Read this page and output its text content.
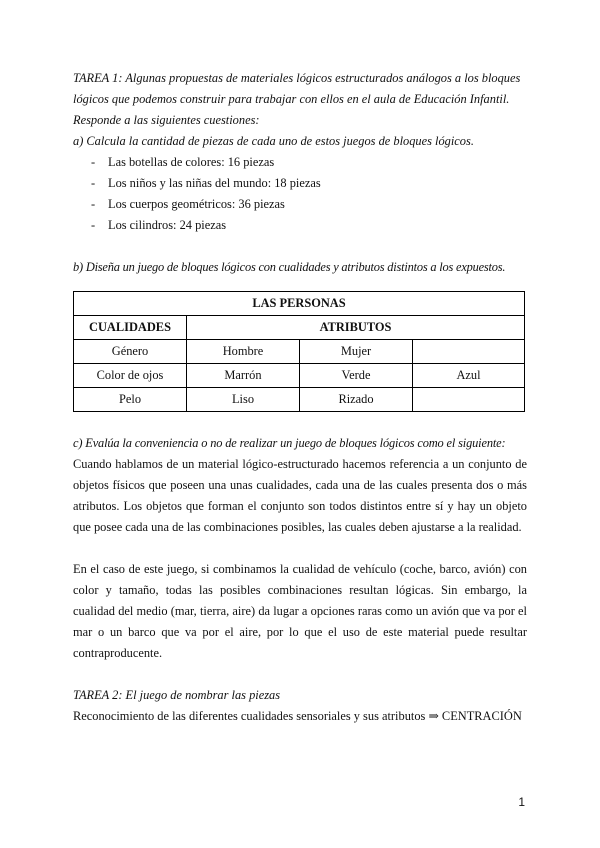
TAREA 1: Algunas propuestas de materiales lógicos estructurados análogos a los bloques

lógicos que podemos construir para trabajar con ellos en el aula de Educación Infantil.

Responde a las siguientes cuestiones:

a) Calcula la cantidad de piezas de cada uno de estos juegos de bloques lógicos.

- Las botellas de colores: 16 piezas
- Los niños y las niñas del mundo: 18 piezas
- Los cuerpos geométricos: 36 piezas
- Los cilindros: 24 piezas

b) Diseña un juego de bloques lógicos con cualidades y atributos distintos a los expuestos.

LAS PERSONAS			
CUALIDADES	ATRIBUTOS		
Género	Hombre	Mujer	
Color de ojos	Marrón	Verde	Azul
Pelo	Liso	Rizado	

c) Evalúa la conveniencia o no de realizar un juego de bloques lógicos como el siguiente:

Cuando hablamos de un material lógico-estructurado hacemos referencia a un conjunto de objetos físicos que poseen una unas cualidades, cada una de las cuales presenta dos o más atributos. Los objetos que forman el conjunto son todos distintos entre sí y hay un objeto que posee cada una de las combinaciones posibles, las cuales deben ajustarse a la realidad.

En el caso de este juego, si combinamos la cualidad de vehículo (coche, barco, avión) con color y tamaño, todas las posibles combinaciones resultan lógicas. Sin embargo, la cualidad del medio (mar, tierra, aire) da lugar a opciones raras como un avión que va por el mar o un barco que va por el aire, por lo que el uso de este material puede resultar contraproducente.

TAREA 2: El juego de nombrar las piezas

Reconocimiento de las diferentes cualidades sensoriales y sus atributos ⇒ CENTRACIÓN

1
